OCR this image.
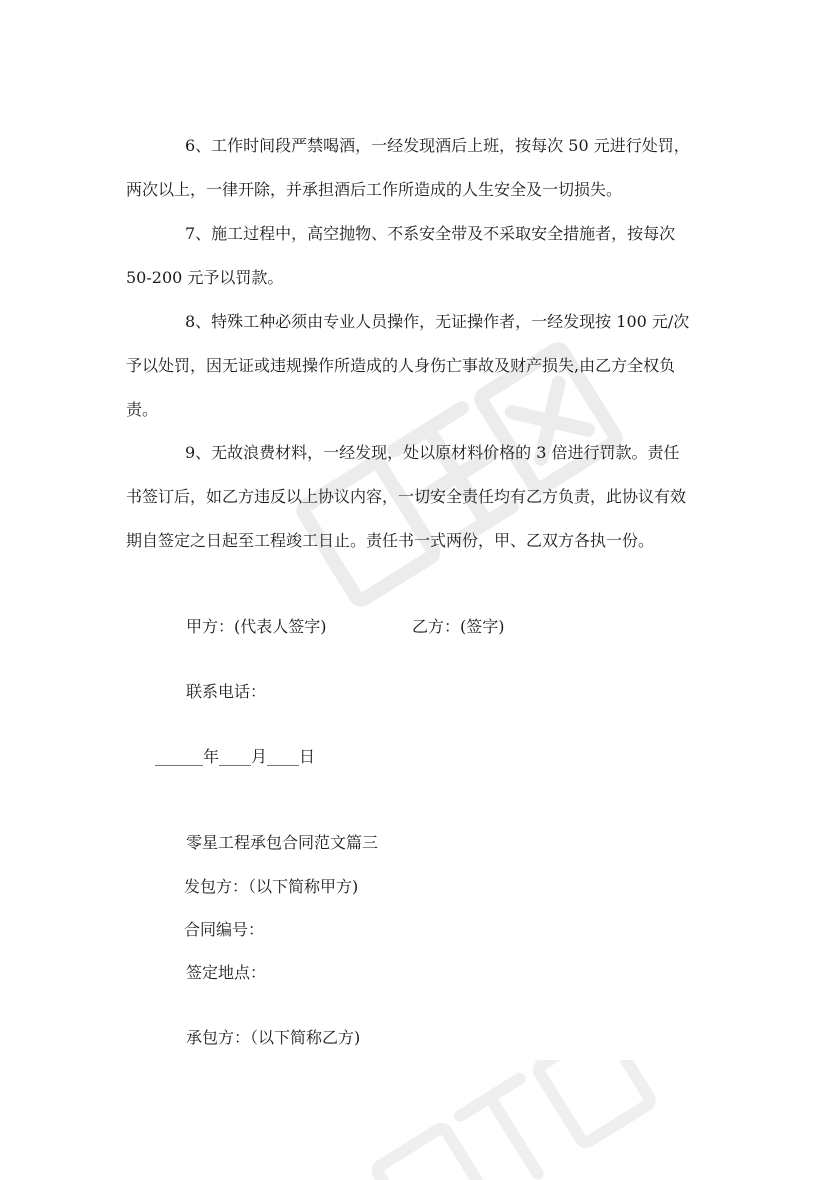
6、工作时间段严禁喝酒，一经发现酒后上班，按每次 50 元进行处罚，
两次以上，一律开除，并承担酒后工作所造成的人生安全及一切损失。
7、施工过程中，高空抛物、不系安全带及不采取安全措施者，按每次
50-200 元予以罚款。
8、特殊工种必须由专业人员操作，无证操作者，一经发现按 100 元/次
予以处罚，因无证或违规操作所造成的人身伤亡事故及财产损失,由乙方全权负
责。
9、无故浪费材料，一经发现，处以原材料价格的 3 倍进行罚款。责任
书签订后，如乙方违反以上协议内容，一切安全责任均有乙方负责，此协议有效
期自签定之日起至工程竣工日止。责任书一式两份，甲、乙双方各执一份。
甲方：(代表人签字)	乙方：(签字)
联系电话：
______年____月____日
零星工程承包合同范文篇三
发包方：（以下简称甲方)
合同编号：
签定地点：
承包方：（以下简称乙方)
